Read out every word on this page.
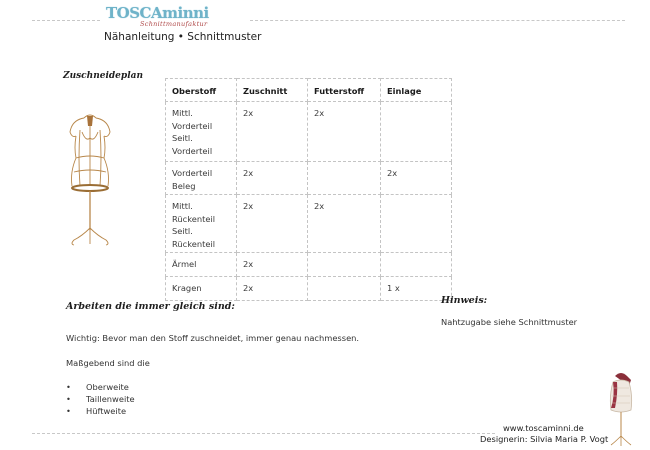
TOSCAminni
Schnittmanufaktur
Nähanleitung • Schnittmuster
Zuschneideplan
Oberstoff	Zuschnitt	Futterstoff	Einlage

Mittl.
Vorderteil
Seitl.
Vorderteil	2x	2x	

Vorderteil
Beleg	2x		2x

Mittl.
Rückenteil
Seitl.
Rückenteil	2x	2x	
Ärmel	2x		
Kragen	2x		1 x
Arbeiten die immer gleich sind:
Wichtig: Bevor man den Stoff zuschneidet, immer genau nachmessen.
Maßgebend sind die
• Oberweite
• Taillenweite
• Hüftweite
Hinweis:
Nahtzugabe siehe Schnittmuster
www.toscaminni.de
Designerin: Silvia Maria P. Vogt
